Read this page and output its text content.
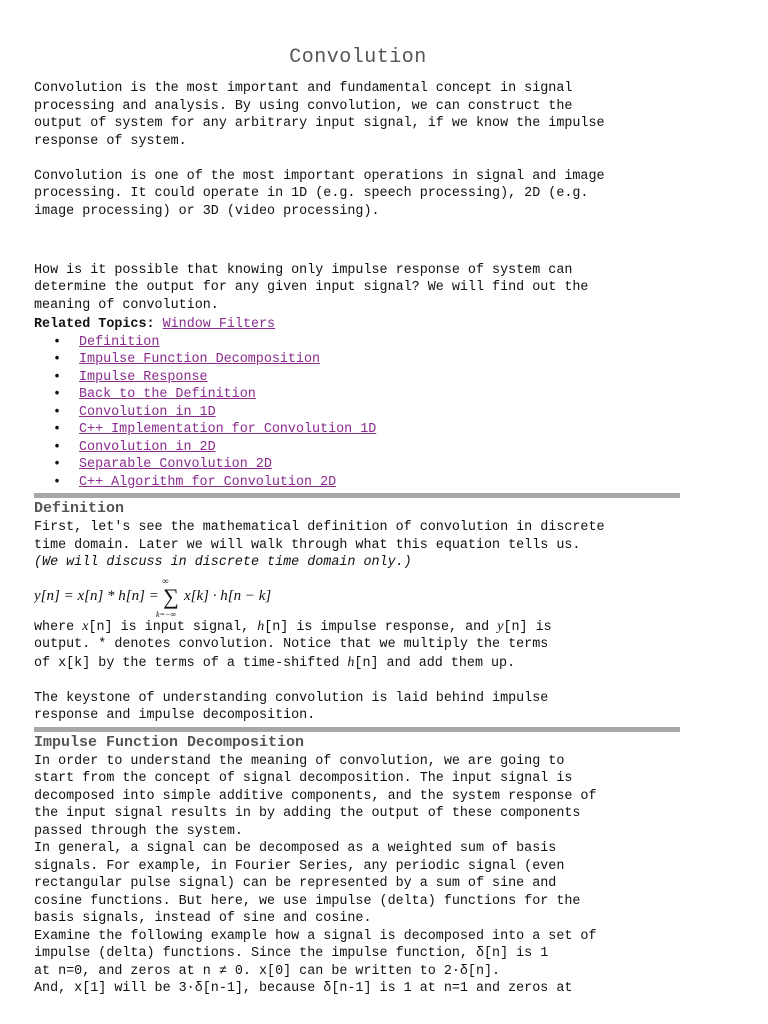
Convolution

Convolution is the most important and fundamental concept in signal
processing and analysis. By using convolution, we can construct the
output of system for any arbitrary input signal, if we know the impulse
response of system.

Convolution is one of the most important operations in signal and image
processing. It could operate in 1D (e.g. speech processing), 2D (e.g.
image processing) or 3D (video processing).

How is it possible that knowing only impulse response of system can
determine the output for any given input signal? We will find out the
meaning of convolution.

Related Topics: Window Filters
• Definition
• Impulse Function Decomposition
• Impulse Response
• Back to the Definition
• Convolution in 1D
• C++ Implementation for Convolution 1D
• Convolution in 2D
• Separable Convolution 2D
• C++ Algorithm for Convolution 2D
Definition

First, let's see the mathematical definition of convolution in discrete
time domain. Later we will walk through what this equation tells us.

(We will discuss in discrete time domain only.)

y[n] = x[n] * h[n] =
∞
∑
k=−∞
x[k] · h[n − k]

where x[n] is input signal, h[n] is impulse response, and y[n] is

output. * denotes convolution. Notice that we multiply the terms

of x[k] by the terms of a time-shifted h[n] and add them up.

The keystone of understanding convolution is laid behind impulse
response and impulse decomposition.

Impulse Function Decomposition

In order to understand the meaning of convolution, we are going to
start from the concept of signal decomposition. The input signal is
decomposed into simple additive components, and the system response of
the input signal results in by adding the output of these components
passed through the system.

In general, a signal can be decomposed as a weighted sum of basis
signals. For example, in Fourier Series, any periodic signal (even
rectangular pulse signal) can be represented by a sum of sine and
cosine functions. But here, we use impulse (delta) functions for the
basis signals, instead of sine and cosine.

Examine the following example how a signal is decomposed into a set of
impulse (delta) functions. Since the impulse function, δ[n] is 1
at n=0, and zeros at n ≠ 0. x[0] can be written to 2·δ[n].
And, x[1] will be 3·δ[n-1], because δ[n-1] is 1 at n=1 and zeros at
